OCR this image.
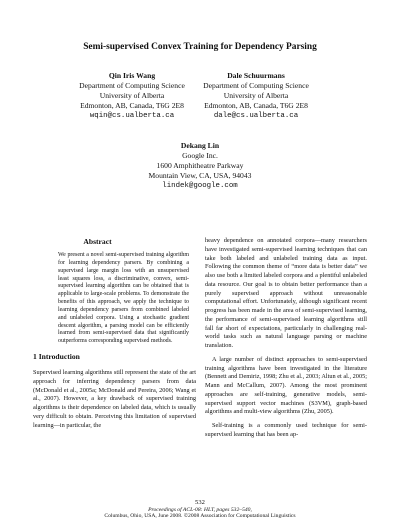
Semi-supervised Convex Training for Dependency Parsing
Qin Iris Wang
Department of Computing Science
University of Alberta
Edmonton, AB, Canada, T6G 2E8
wqin@cs.ualberta.ca
Dale Schuurmans
Department of Computing Science
University of Alberta
Edmonton, AB, Canada, T6G 2E8
dale@cs.ualberta.ca
Dekang Lin
Google Inc.
1600 Amphitheatre Parkway
Mountain View, CA, USA, 94043
lindek@google.com
Abstract
We present a novel semi-supervised training algorithm for learning dependency parsers. By combining a supervised large margin loss with an unsupervised least squares loss, a discriminative, convex, semi-supervised learning algorithm can be obtained that is applicable to large-scale problems. To demonstrate the benefits of this approach, we apply the technique to learning dependency parsers from combined labeled and unlabeled corpora. Using a stochastic gradient descent algorithm, a parsing model can be efficiently learned from semi-supervised data that significantly outperforms corresponding supervised methods.
1 Introduction

Supervised learning algorithms still represent the state of the art approach for inferring dependency parsers from data (McDonald et al., 2005a; McDonald and Pereira, 2006; Wang et al., 2007). However, a key drawback of supervised training algorithms is their dependence on labeled data, which is usually very difficult to obtain. Perceiving this limitation of supervised learning—in particular, the

heavy dependence on annotated corpora—many researchers have investigated semi-supervised learning techniques that can take both labeled and unlabeled training data as input. Following the common theme of “more data is better data” we also use both a limited labeled corpora and a plentiful unlabeled data resource. Our goal is to obtain better performance than a purely supervised approach without unreasonable computational effort. Unfortunately, although significant recent progress has been made in the area of semi-supervised learning, the performance of semi-supervised learning algorithms still fall far short of expectations, particularly in challenging real-world tasks such as natural language parsing or machine translation.

A large number of distinct approaches to semi-supervised training algorithms have been investigated in the literature (Bennett and Demiriz, 1998; Zhu et al., 2003; Altun et al., 2005; Mann and McCallum, 2007). Among the most prominent approaches are self-training, generative models, semi-supervised support vector machines (S3VM), graph-based algorithms and multi-view algorithms (Zhu, 2005).

Self-training is a commonly used technique for semi-supervised learning that has been ap-

532
Proceedings of ACL-08: HLT, pages 532–540,
Columbus, Ohio, USA, June 2008. ©2008 Association for Computational Linguistics
